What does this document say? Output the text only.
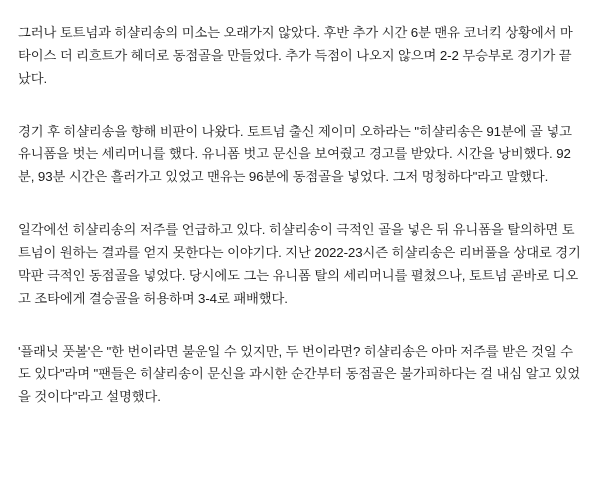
그러나 토트넘과 히샬리송의 미소는 오래가지 않았다. 후반 추가 시간 6분 맨유 코너킥 상황에서 마타이스 더 리흐트가 헤더로 동점골을 만들었다. 추가 득점이 나오지 않으며 2-2 무승부로 경기가 끝났다.

경기 후 히샬리송을 향해 비판이 나왔다. 토트넘 출신 제이미 오하라는 "히샬리송은 91분에 골 넣고 유니폼을 벗는 세리머니를 했다. 유니폼 벗고 문신을 보여줬고 경고를 받았다. 시간을 낭비했다. 92분, 93분 시간은 흘러가고 있었고 맨유는 96분에 동점골을 넣었다. 그저 멍청하다"라고 말했다.

일각에선 히샬리송의 저주를 언급하고 있다. 히샬리송이 극적인 골을 넣은 뒤 유니폼을 탈의하면 토트넘이 원하는 결과를 얻지 못한다는 이야기다. 지난 2022-23시즌 히샬리송은 리버풀을 상대로 경기 막판 극적인 동점골을 넣었다. 당시에도 그는 유니폼 탈의 세리머니를 펼쳤으나, 토트넘 곧바로 디오고 조타에게 결승골을 허용하며 3-4로 패배했다.

'플래닛 풋볼'은 "한 번이라면 불운일 수 있지만, 두 번이라면? 히샬리송은 아마 저주를 받은 것일 수도 있다"라며 "팬들은 히샬리송이 문신을 과시한 순간부터 동점골은 불가피하다는 걸 내심 알고 있었을 것이다"라고 설명했다.
